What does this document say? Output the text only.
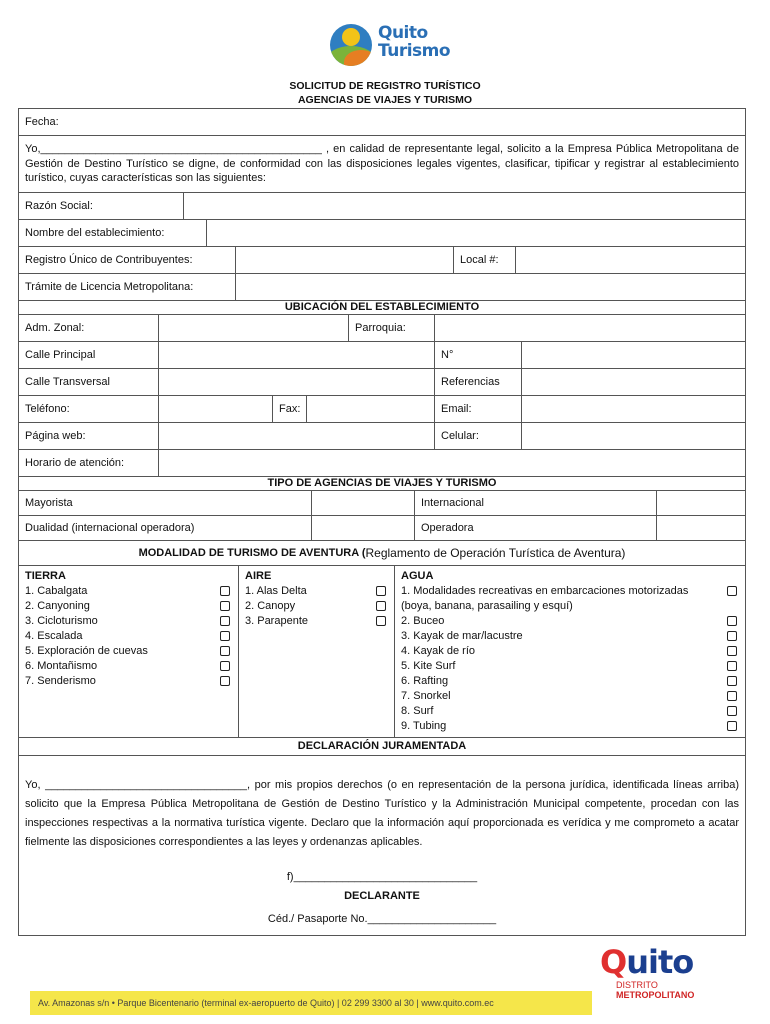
Quito
Turismo
SOLICITUD DE REGISTRO TURÍSTICO
AGENCIAS DE VIAJES Y TURISMO
Fecha:
Yo,______________________________________________ , en calidad de representante legal, solicito a la Empresa Pública Metropolitana de Gestión de Destino Turístico se digne, de conformidad con las disposiciones legales vigentes, clasificar, tipificar y registrar al establecimiento turístico, cuyas características son las siguientes:
Razón Social:
Nombre del establecimiento:
Registro Único de Contribuyentes:	Local #:
Trámite de Licencia Metropolitana:
UBICACIÓN DEL ESTABLECIMIENTO
Adm. Zonal:	Parroquia:
Calle Principal	N°
Calle Transversal	Referencias
Teléfono:	Fax:	Email:
Página web:	Celular:
Horario de atención:
TIPO DE AGENCIAS DE VIAJES Y TURISMO
Mayorista	Internacional
Dualidad (internacional operadora)	Operadora
MODALIDAD DE TURISMO DE AVENTURA ( Reglamento de Operación Turística de Aventura)
TIERRA
1. Cabalgata
2. Canyoning
3. Cicloturismo
4. Escalada
5. Exploración de cuevas
6. Montañismo
7. Senderismo
AIRE
1. Alas Delta
2. Canopy
3. Parapente
AGUA
1. Modalidades recreativas en embarcaciones motorizadas
(boya, banana, parasailing y esquí)
2. Buceo
3. Kayak de mar/lacustre
4. Kayak de río
5. Kite Surf
6. Rafting
7. Snorkel
8. Surf
9. Tubing
DECLARACIÓN JURAMENTADA
Yo, _________________________________, por mis propios derechos (o en representación de la persona jurídica, identificada líneas arriba) solicito que la Empresa Pública Metropolitana de Gestión de Destino Turístico y la Administración Municipal competente, procedan con las inspecciones respectivas a la normativa turística vigente. Declaro que la información aquí proporcionada es verídica y me comprometo a acatar fielmente las disposiciones correspondientes a las leyes y ordenanzas aplicables.
f)______________________________
DECLARANTE
Céd./ Pasaporte No._____________________
Av. Amazonas s/n • Parque Bicentenario (terminal ex-aeropuerto de Quito) | 02 299 3300 al 30 | www.quito.com.ec
Quito
DISTRITO
METROPOLITANO
